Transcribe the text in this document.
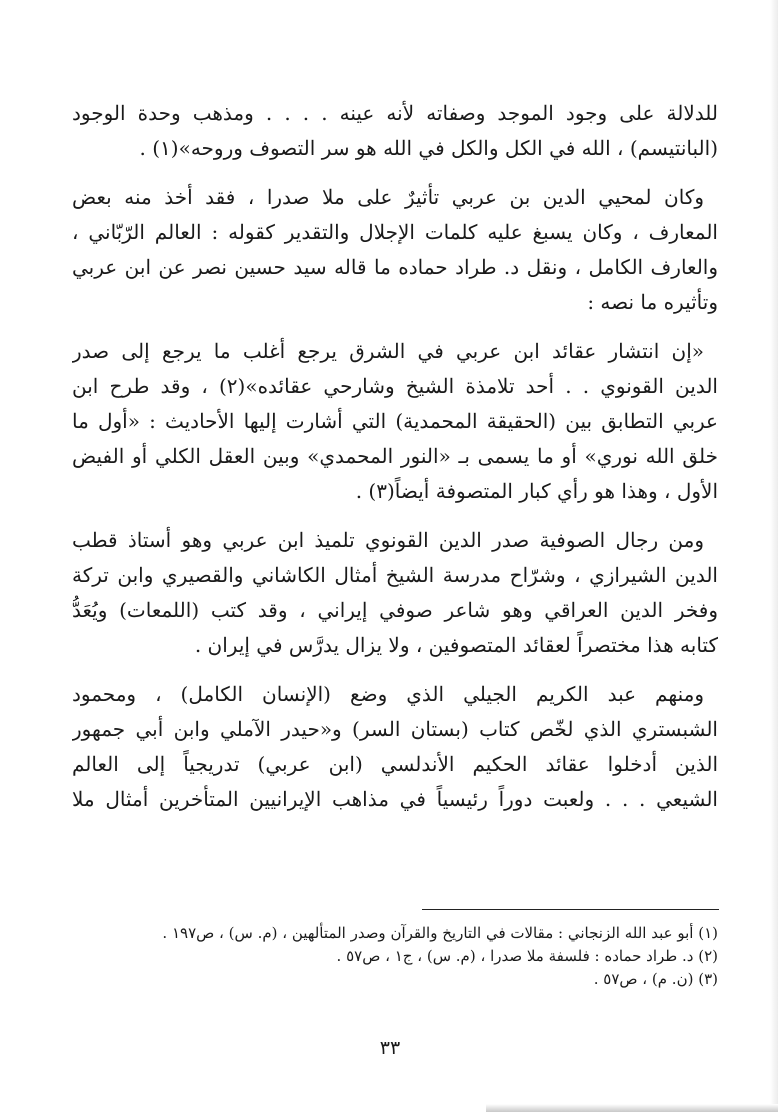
للدلالة على وجود الموجد وصفاته لأنه عينه . . . . ومذهب وحدة الوجود
(البانتيسم) ، الله في الكل والكل في الله هو سر التصوف وروحه»(١) .
وكان لمحيي الدين بن عربي تأثيرٌ على ملا صدرا ، فقد أخذ منه بعض
المعارف ، وكان يسبغ عليه كلمات الإجلال والتقدير كقوله : العالم الرّبّاني ،
والعارف الكامل ، ونقل د. طراد حماده ما قاله سيد حسين نصر عن ابن عربي
وتأثيره ما نصه :
«إن انتشار عقائد ابن عربي في الشرق يرجع أغلب ما يرجع إلى صدر
الدين القونوي . . أحد تلامذة الشيخ وشارحي عقائده»(٢) ، وقد طرح ابن
عربي التطابق بين (الحقيقة المحمدية) التي أشارت إليها الأحاديث : «أول ما
خلق الله نوري» أو ما يسمى بـ «النور المحمدي» وبين العقل الكلي أو الفيض
الأول ، وهذا هو رأي كبار المتصوفة أيضاً(٣) .
ومن رجال الصوفية صدر الدين القونوي تلميذ ابن عربي وهو أستاذ قطب
الدين الشيرازي ، وشرّاح مدرسة الشيخ أمثال الكاشاني والقصيري وابن تركة
وفخر الدين العراقي وهو شاعر صوفي إيراني ، وقد كتب (اللمعات) ويُعَدُّ
كتابه هذا مختصراً لعقائد المتصوفين ، ولا يزال يدرَّس في إيران .
ومنهم عبد الكريم الجيلي الذي وضع (الإنسان الكامل) ، ومحمود
الشبستري الذي لخّص كتاب (بستان السر) و«حيدر الآملي وابن أبي جمهور
الذين أدخلوا عقائد الحكيم الأندلسي (ابن عربي) تدريجياً إلى العالم
الشيعي . . . ولعبت دوراً رئيسياً في مذاهب الإيرانيين المتأخرين أمثال ملا
(١) أبو عبد الله الزنجاني : مقالات في التاريخ والقرآن وصدر المتألهين ، (م. س) ، ص١٩٧ .
(٢) د. طراد حماده : فلسفة ملا صدرا ، (م. س) ، ج١ ، ص٥٧ .
(٣) (ن. م) ، ص٥٧ .
٣٣
